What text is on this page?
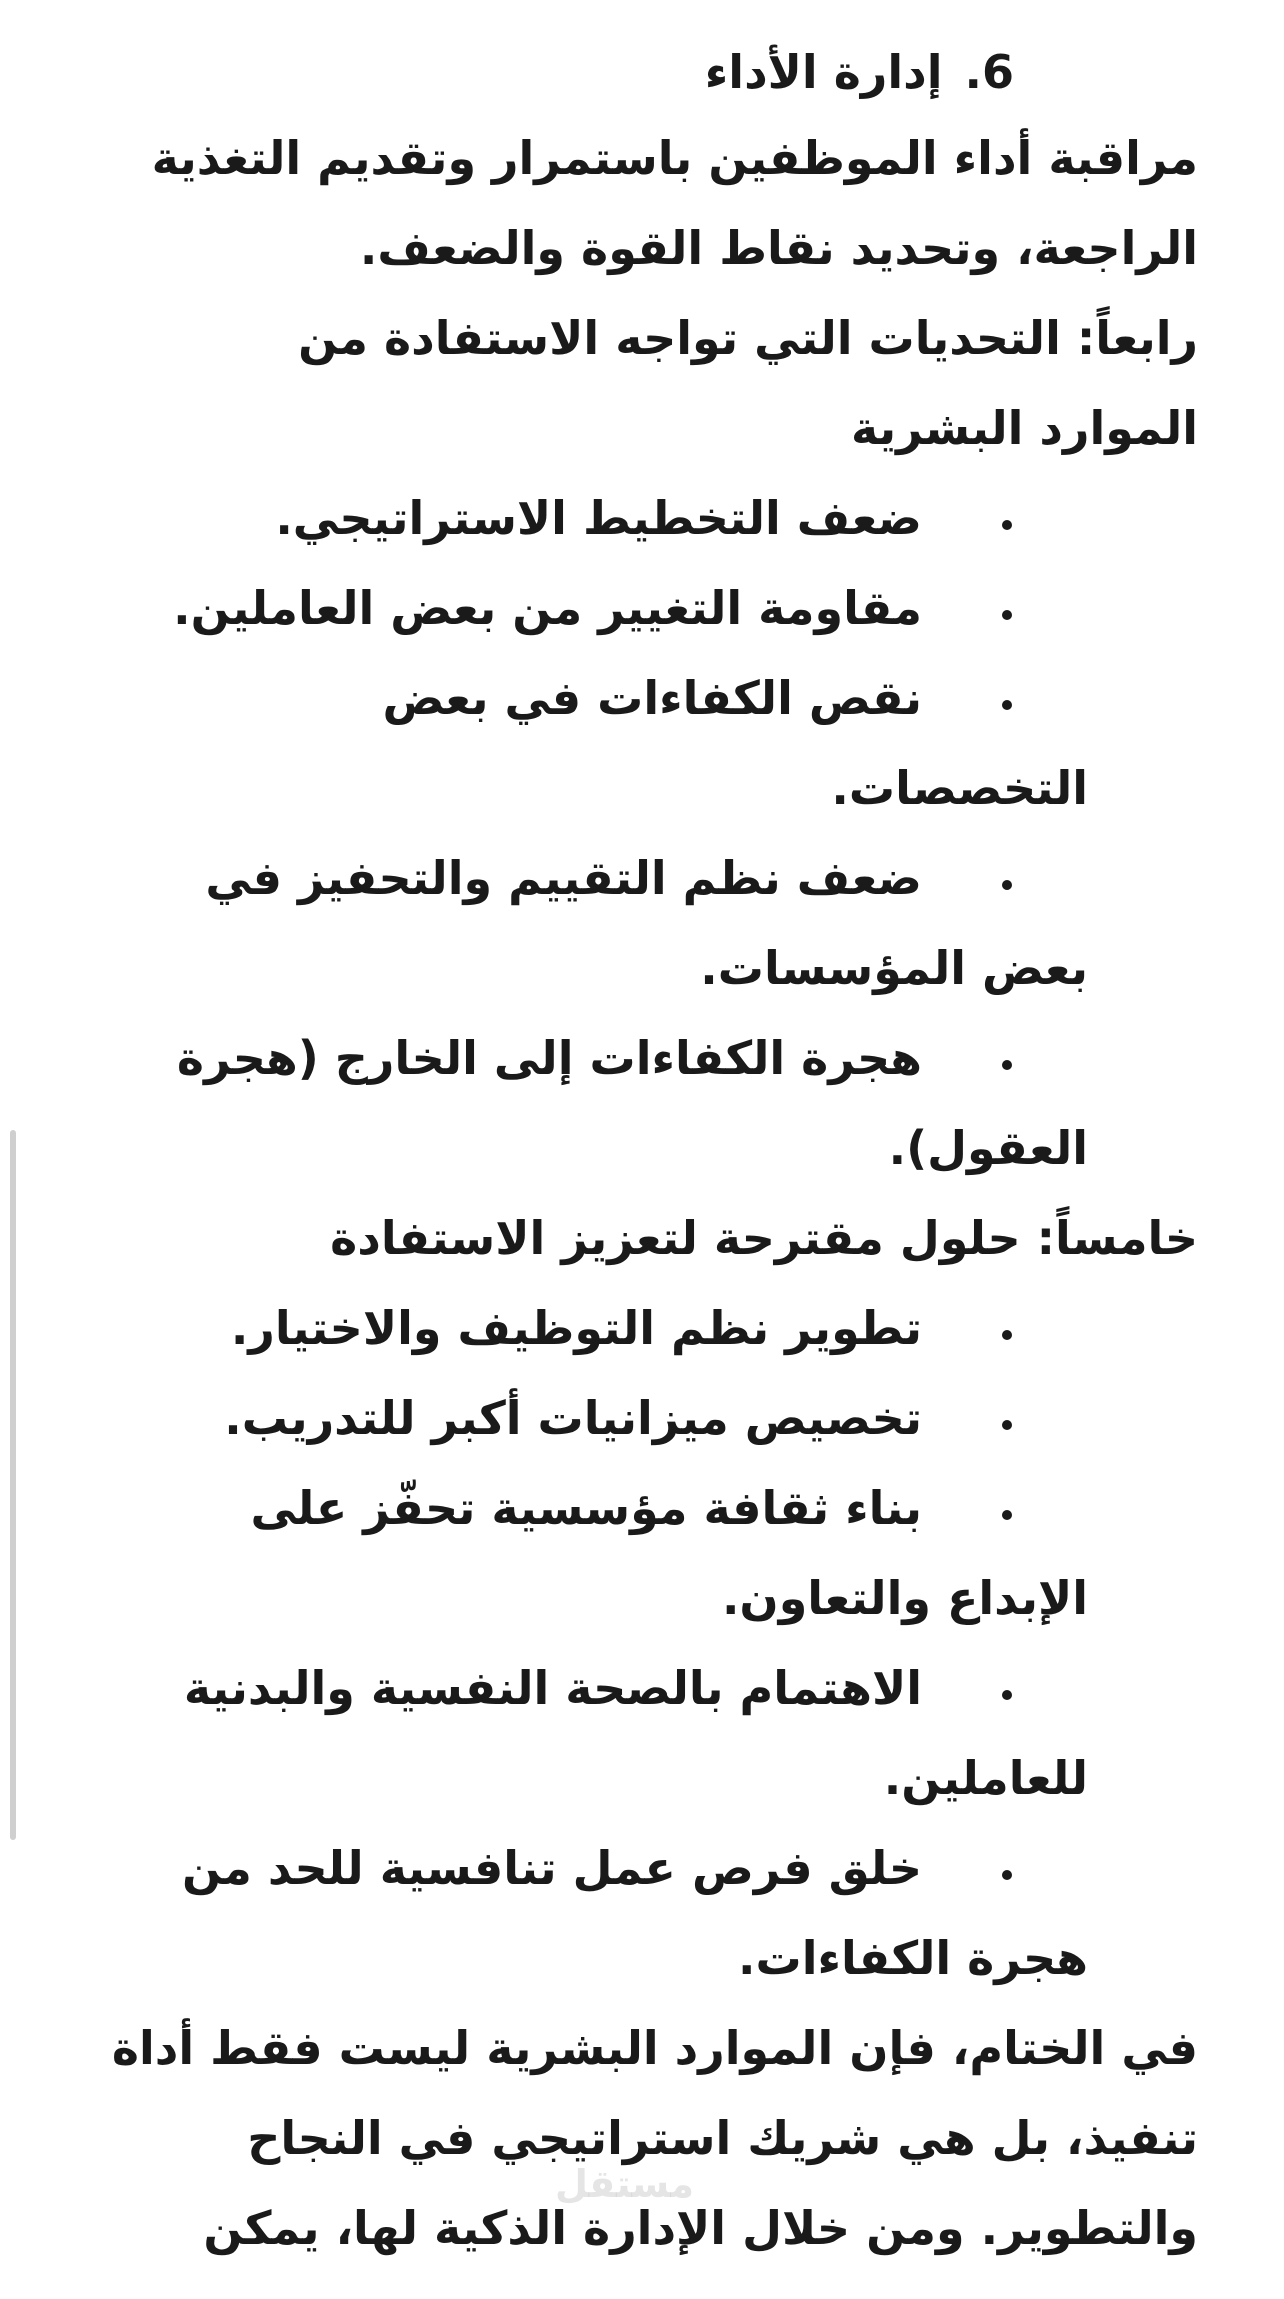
6.إدارة الأداء

مراقبة أداء الموظفين باستمرار وتقديم التغذية

الراجعة، وتحديد نقاط القوة والضعف.

رابعاً: التحديات التي تواجه الاستفادة من

الموارد البشرية

ضعف التخطيط الاستراتيجي.

مقاومة التغيير من بعض العاملين.

نقص الكفاءات في بعض

التخصصات.

ضعف نظم التقييم والتحفيز في

بعض المؤسسات.

هجرة الكفاءات إلى الخارج (هجرة

العقول).

خامساً: حلول مقترحة لتعزيز الاستفادة

تطوير نظم التوظيف والاختيار.

تخصيص ميزانيات أكبر للتدريب.

بناء ثقافة مؤسسية تحفّز على

الإبداع والتعاون.

الاهتمام بالصحة النفسية والبدنية

للعاملين.

خلق فرص عمل تنافسية للحد من

هجرة الكفاءات.

في الختام، فإن الموارد البشرية ليست فقط أداة

تنفيذ، بل هي شريك استراتيجي في النجاح

والتطوير. ومن خلال الإدارة الذكية لها، يمكن

مستقل
